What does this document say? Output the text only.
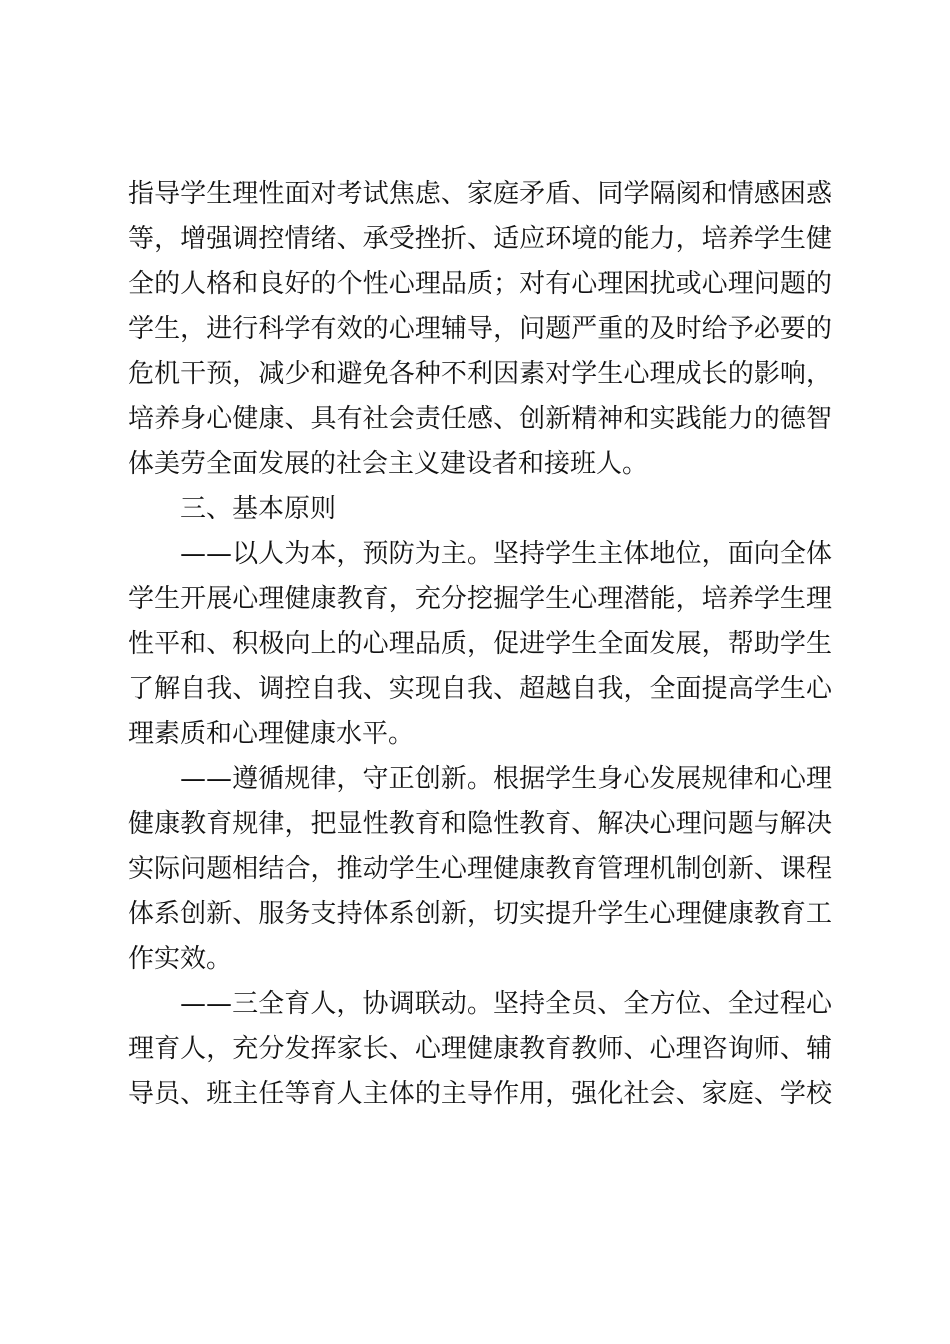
指导学生理性面对考试焦虑、家庭矛盾、同学隔阂和情感困惑
等，增强调控情绪、承受挫折、适应环境的能力，培养学生健
全的人格和良好的个性心理品质；对有心理困扰或心理问题的
学生，进行科学有效的心理辅导，问题严重的及时给予必要的
危机干预，减少和避免各种不利因素对学生心理成长的影响，
培养身心健康、具有社会责任感、创新精神和实践能力的德智
体美劳全面发展的社会主义建设者和接班人。
三、基本原则
——以人为本，预防为主。坚持学生主体地位，面向全体
学生开展心理健康教育，充分挖掘学生心理潜能，培养学生理
性平和、积极向上的心理品质，促进学生全面发展，帮助学生
了解自我、调控自我、实现自我、超越自我，全面提高学生心
理素质和心理健康水平。
——遵循规律，守正创新。根据学生身心发展规律和心理
健康教育规律，把显性教育和隐性教育、解决心理问题与解决
实际问题相结合，推动学生心理健康教育管理机制创新、课程
体系创新、服务支持体系创新，切实提升学生心理健康教育工
作实效。
——三全育人，协调联动。坚持全员、全方位、全过程心
理育人，充分发挥家长、心理健康教育教师、心理咨询师、辅
导员、班主任等育人主体的主导作用，强化社会、家庭、学校
